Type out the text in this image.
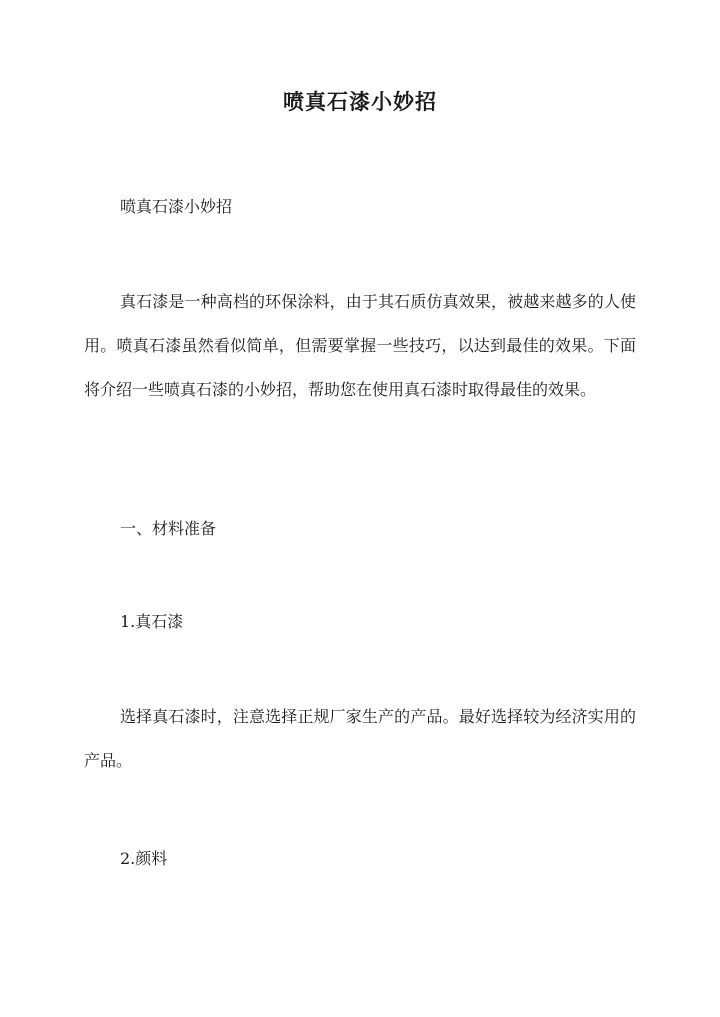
喷真石漆小妙招

喷真石漆小妙招

真石漆是一种高档的环保涂料，由于其石质仿真效果，被越来越多的人使用。喷真石漆虽然看似简单，但需要掌握一些技巧，以达到最佳的效果。下面将介绍一些喷真石漆的小妙招，帮助您在使用真石漆时取得最佳的效果。

一、材料准备

1.真石漆

选择真石漆时，注意选择正规厂家生产的产品。最好选择较为经济实用的产品。

2.颜料
